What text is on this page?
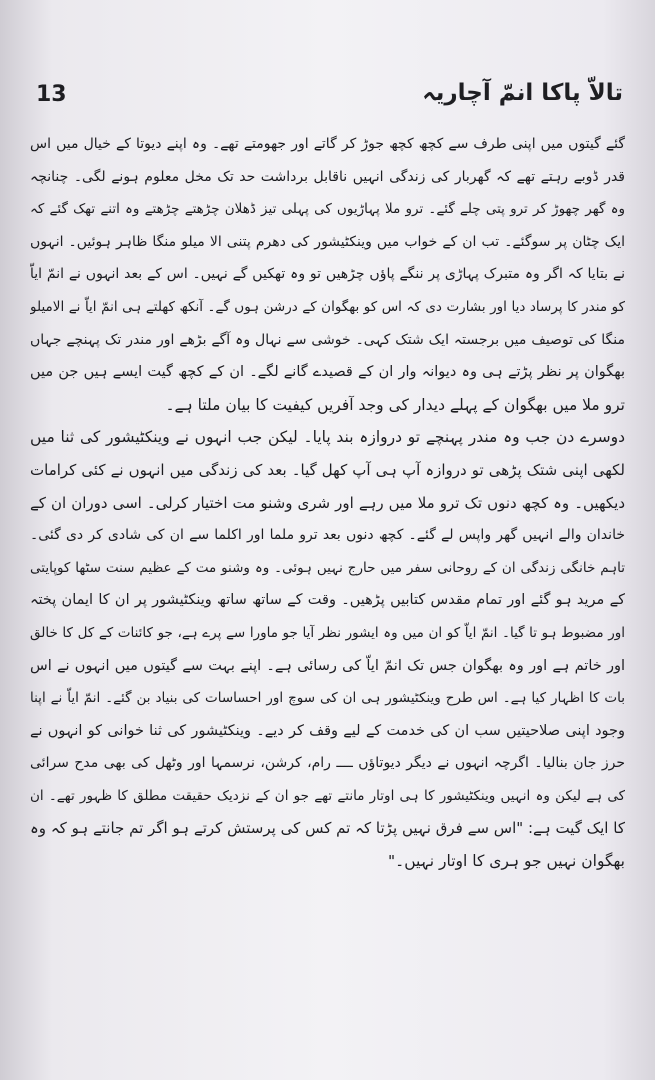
13	تالاّ پاکا انمّ آچاریہ
گئے گیتوں میں اپنی طرف سے کچھ کچھ جوڑ کر گاتے اور جھومتے تھے۔ وہ اپنے دیوتا کے خیال میں اس
قدر ڈوبے رہتے تھے کہ گھربار کی زندگی انہیں ناقابل برداشت حد تک مخل معلوم ہونے لگی۔ چنانچہ
وہ گھر چھوڑ کر ترو پتی چلے گئے۔ ترو ملا پہاڑیوں کی پہلی تیز ڈھلان چڑھتے چڑھتے وہ اتنے تھک گئے کہ
ایک چٹان پر سوگئے۔ تب ان کے خواب میں وینکٹیشور کی دھرم پتنی الا میلو منگا ظاہر ہوئیں۔ انہوں
نے بتایا کہ اگر وہ متبرک پہاڑی پر ننگے پاؤں چڑھیں تو وہ تھکیں گے نہیں۔ اس کے بعد انہوں نے انمّ ایاّ
کو مندر کا پرساد دیا اور بشارت دی کہ اس کو بھگوان کے درشن ہوں گے۔ آنکھ کھلتے ہی انمّ ایاّ نے الامیلو
منگا کی توصیف میں برجستہ ایک شتک کہی۔ خوشی سے نہال وہ آگے بڑھے اور مندر تک پہنچے جہاں
بھگوان پر نظر پڑتے ہی وہ دیوانہ وار ان کے قصیدے گانے لگے۔ ان کے کچھ گیت ایسے ہیں جن میں
ترو ملا میں بھگوان کے پہلے دیدار کی وجد آفریں کیفیت کا بیان ملتا ہے۔
دوسرے دن جب وہ مندر پہنچے تو دروازہ بند پایا۔ لیکن جب انہوں نے وینکٹیشور کی ثنا میں
لکھی اپنی شتک پڑھی تو دروازہ آپ ہی آپ کھل گیا۔ بعد کی زندگی میں انہوں نے کئی کرامات
دیکھیں۔ وہ کچھ دنوں تک ترو ملا میں رہے اور شری وشنو مت اختیار کرلی۔ اسی دوران ان کے
خاندان والے انہیں گھر واپس لے گئے۔ کچھ دنوں بعد ترو ملما اور اکلما سے ان کی شادی کر دی گئی۔
تاہم خانگی زندگی ان کے روحانی سفر میں حارج نہیں ہوئی۔ وہ وشنو مت کے عظیم سنت سٹھا کوپایتی
کے مرید ہو گئے اور تمام مقدس کتابیں پڑھیں۔ وقت کے ساتھ ساتھ وینکٹیشور پر ان کا ایمان پختہ
اور مضبوط ہو تا گیا۔ انمّ ایاّ کو ان میں وہ ایشور نظر آیا جو ماورا سے پرے ہے، جو کائنات کے کل کا خالق
اور خاتم ہے اور وہ بھگوان جس تک انمّ ایاّ کی رسائی ہے۔ اپنے بہت سے گیتوں میں انہوں نے اس
بات کا اظہار کیا ہے۔ اس طرح وینکٹیشور ہی ان کی سوچ اور احساسات کی بنیاد بن گئے۔ انمّ ایاّ نے اپنا
وجود اپنی صلاحیتیں سب ان کی خدمت کے لیے وقف کر دیے۔ وینکٹیشور کی ثنا خوانی کو انہوں نے
حرز جان بنالیا۔ اگرچہ انہوں نے دیگر دیوتاؤں ــــ رام، کرشن، نرسمہا اور وٹھل کی بھی مدح سرائی
کی ہے لیکن وہ انہیں وینکٹیشور کا ہی اوتار مانتے تھے جو ان کے نزدیک حقیقت مطلق کا ظہور تھے۔ ان
کا ایک گیت ہے: "اس سے فرق نہیں پڑتا کہ تم کس کی پرستش کرتے ہو اگر تم جانتے ہو کہ وہ
بھگوان نہیں جو ہری کا اوتار نہیں۔"
